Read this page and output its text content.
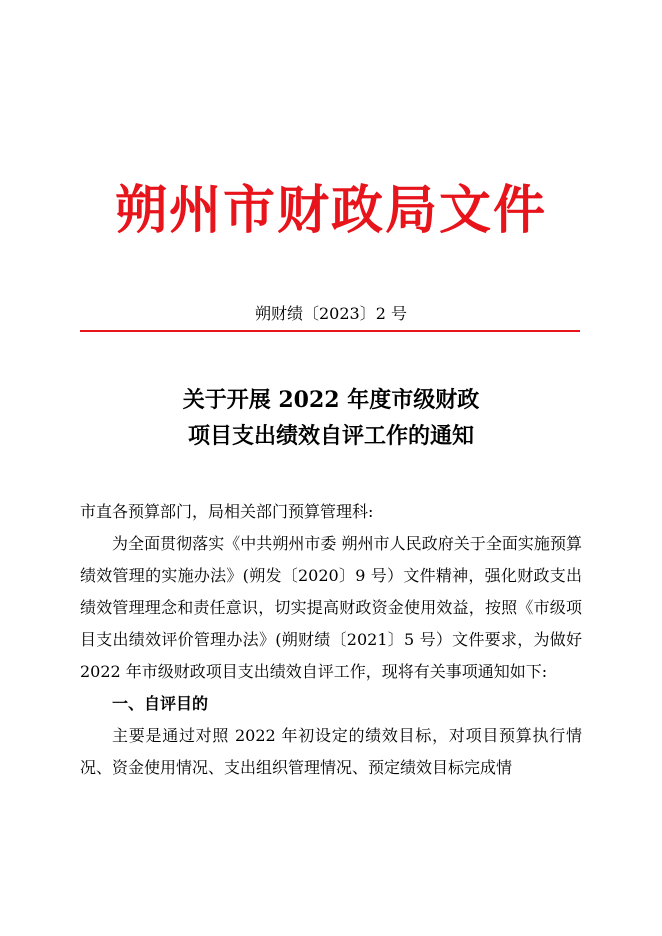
朔州市财政局文件
朔财绩〔2023〕2 号
关于开展 2022 年度市级财政
项目支出绩效自评工作的通知

市直各预算部门，局相关部门预算管理科:

为全面贯彻落实《中共朔州市委 朔州市人民政府关于全面实施预算绩效管理的实施办法》(朔发〔2020〕9 号）文件精神，强化财政支出绩效管理理念和责任意识，切实提高财政资金使用效益，按照《市级项目支出绩效评价管理办法》(朔财绩〔2021〕5 号）文件要求，为做好 2022 年市级财政项目支出绩效自评工作，现将有关事项通知如下:

一、自评目的

主要是通过对照 2022 年初设定的绩效目标，对项目预算执行情况、资金使用情况、支出组织管理情况、预定绩效目标完成情
